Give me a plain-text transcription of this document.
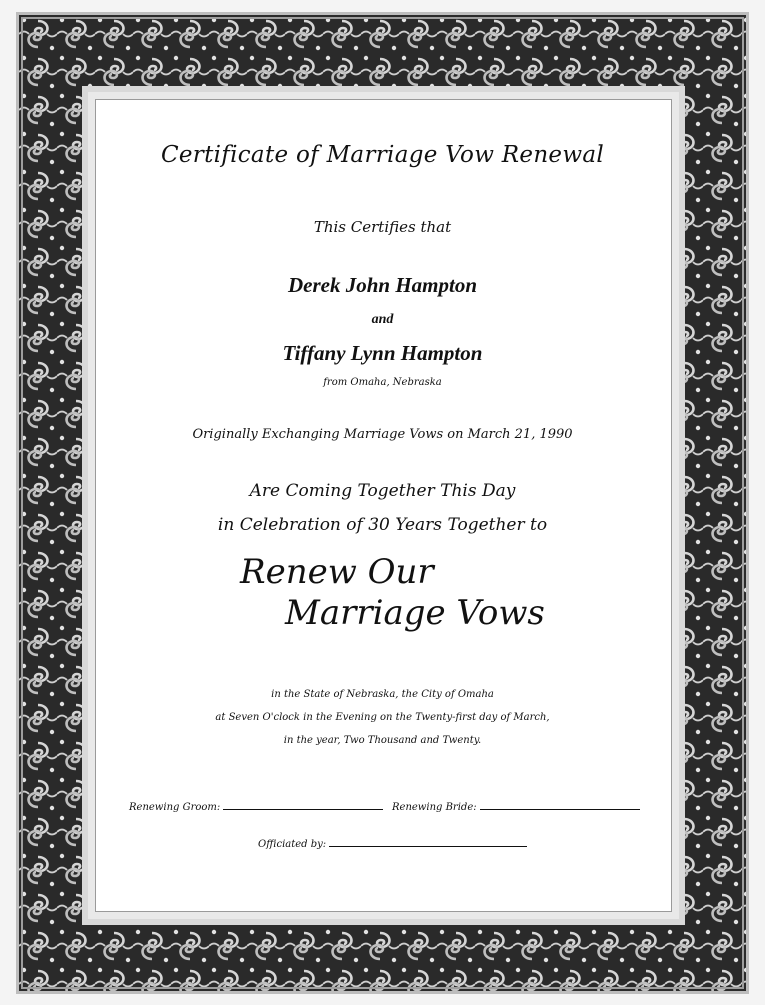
Certificate of Marriage Vow Renewal
This Certifies that
Derek John Hampton
and
Tiffany Lynn Hampton
from Omaha, Nebraska
Originally Exchanging Marriage Vows on March 21, 1990
Are Coming Together This Day
in Celebration of 30 Years Together to
Renew Our
Marriage Vows
in the State of Nebraska, the City of Omaha
at Seven O'clock in the Evening on the Twenty-first day of March,
in the year, Two Thousand and Twenty.
Renewing Groom:	Renewing Bride:
Officiated by:
